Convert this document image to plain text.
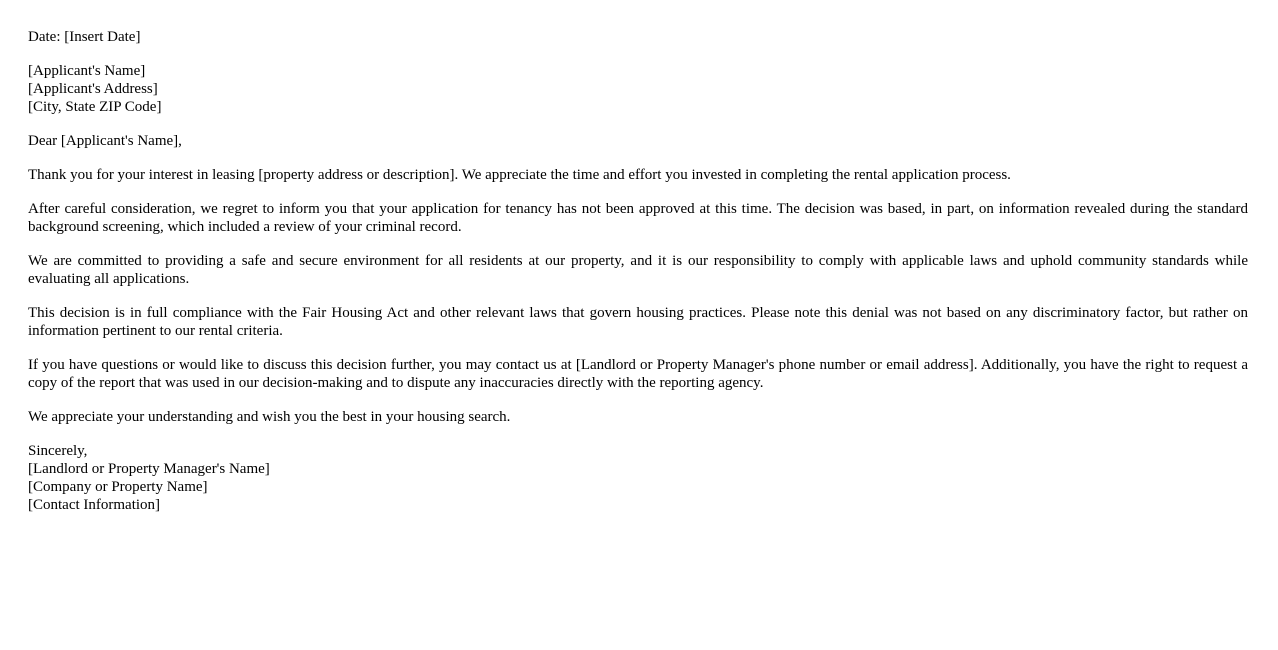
Date: [Insert Date]

[Applicant's Name]
[Applicant's Address]
[City, State ZIP Code]

Dear [Applicant's Name],

Thank you for your interest in leasing [property address or description]. We appreciate the time and effort you invested in completing the rental application process.

After careful consideration, we regret to inform you that your application for tenancy has not been approved at this time. The decision was based, in part, on information revealed during the standard background screening, which included a review of your criminal record.

We are committed to providing a safe and secure environment for all residents at our property, and it is our responsibility to comply with applicable laws and uphold community standards while evaluating all applications.

This decision is in full compliance with the Fair Housing Act and other relevant laws that govern housing practices. Please note this denial was not based on any discriminatory factor, but rather on information pertinent to our rental criteria.

If you have questions or would like to discuss this decision further, you may contact us at [Landlord or Property Manager's phone number or email address]. Additionally, you have the right to request a copy of the report that was used in our decision-making and to dispute any inaccuracies directly with the reporting agency.

We appreciate your understanding and wish you the best in your housing search.

Sincerely,
[Landlord or Property Manager's Name]
[Company or Property Name]
[Contact Information]
